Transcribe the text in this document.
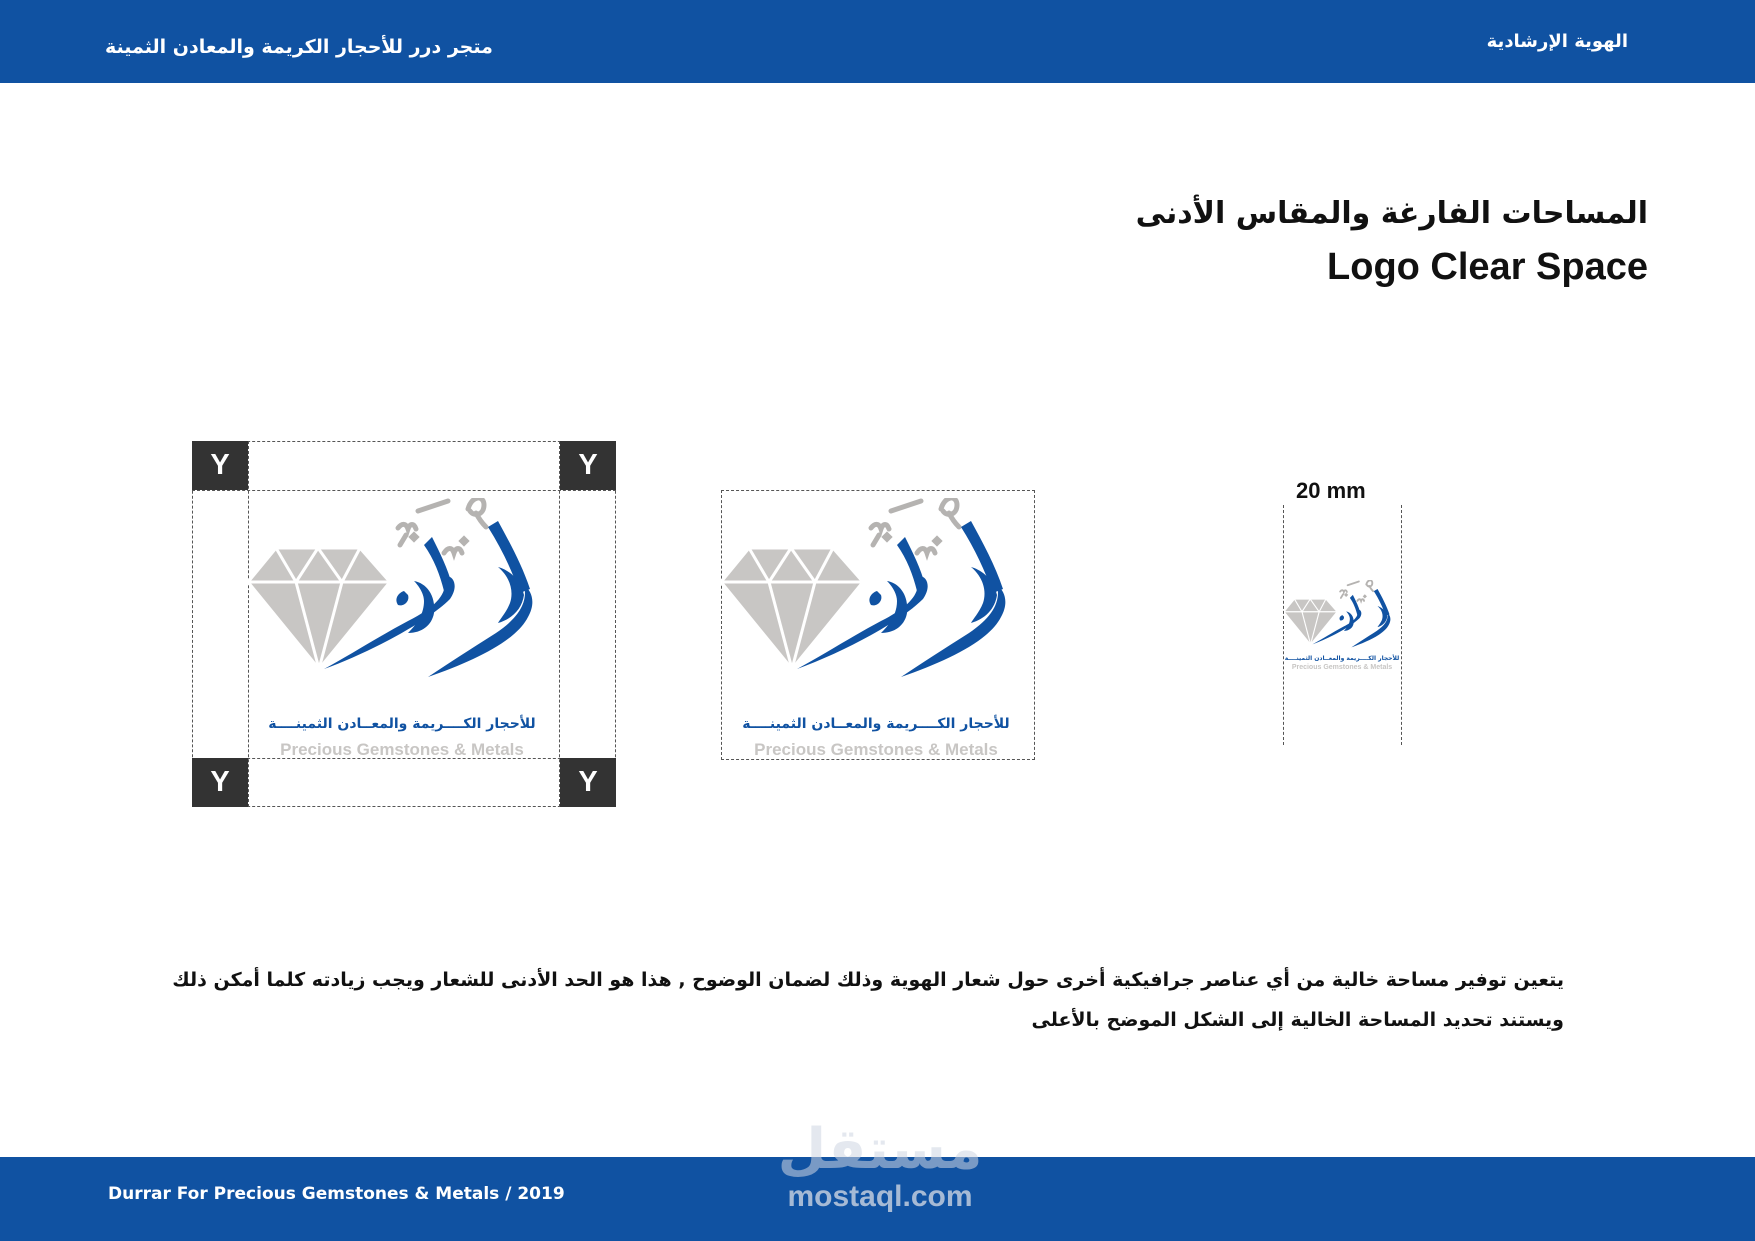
متجر درر للأحجار الكريمة والمعادن الثمينة	الهوية الإرشادية
المساحات الفارغة والمقاس الأدنى
Logo Clear Space
Y	Y
Y	Y
للأحجار الكــــريمة والمعــادن الثمينــــة
Precious Gemstones & Metals
للأحجار الكــــريمة والمعــادن الثمينــــة
Precious Gemstones & Metals
20 mm
للأحجار الكــــريمة والمعــادن الثمينــــة
Precious Gemstones & Metals

يتعين توفير مساحة خالية من أي عناصر جرافيكية أخرى حول شعار الهوية وذلك لضمان الوضوح , هذا هو الحد الأدنى للشعار ويجب زيادته كلما أمكن ذلك

ويستند تحديد المساحة الخالية إلى الشكل الموضح بالأعلى

Durrar For Precious Gemstones & Metals / 2019
مستقل
mostaql.com
